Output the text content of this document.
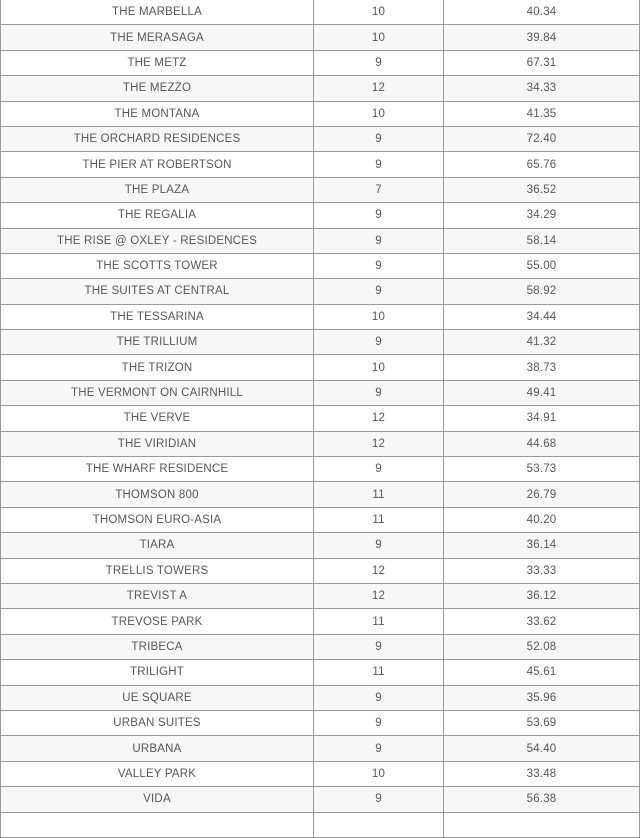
THE MARBELLA	10	40.34
THE MERASAGA	10	39.84
THE METZ	9	67.31
THE MEZZO	12	34.33
THE MONTANA	10	41.35
THE ORCHARD RESIDENCES	9	72.40
THE PIER AT ROBERTSON	9	65.76
THE PLAZA	7	36.52
THE REGALIA	9	34.29
THE RISE @ OXLEY - RESIDENCES	9	58.14
THE SCOTTS TOWER	9	55.00
THE SUITES AT CENTRAL	9	58.92
THE TESSARINA	10	34.44
THE TRILLIUM	9	41.32
THE TRIZON	10	38.73
THE VERMONT ON CAIRNHILL	9	49.41
THE VERVE	12	34.91
THE VIRIDIAN	12	44.68
THE WHARF RESIDENCE	9	53.73
THOMSON 800	11	26.79
THOMSON EURO-ASIA	11	40.20
TIARA	9	36.14
TRELLIS TOWERS	12	33.33
TREVIST A	12	36.12
TREVOSE PARK	11	33.62
TRIBECA	9	52.08
TRILIGHT	11	45.61
UE SQUARE	9	35.96
URBAN SUITES	9	53.69
URBANA	9	54.40
VALLEY PARK	10	33.48
VIDA	9	56.38
